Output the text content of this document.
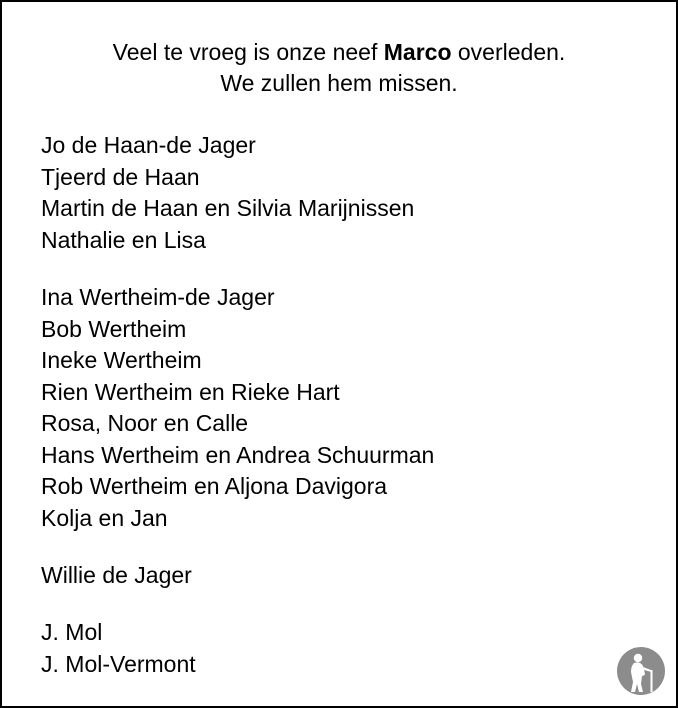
Veel te vroeg is onze neef Marco overleden.
We zullen hem missen.
Jo de Haan-de Jager
Tjeerd de Haan
Martin de Haan en Silvia Marijnissen
Nathalie en Lisa
Ina Wertheim-de Jager
Bob Wertheim
Ineke Wertheim
Rien Wertheim en Rieke Hart
Rosa, Noor en Calle
Hans Wertheim en Andrea Schuurman
Rob Wertheim en Aljona Davigora
Kolja en Jan
Willie de Jager
J. Mol
J. Mol-Vermont
